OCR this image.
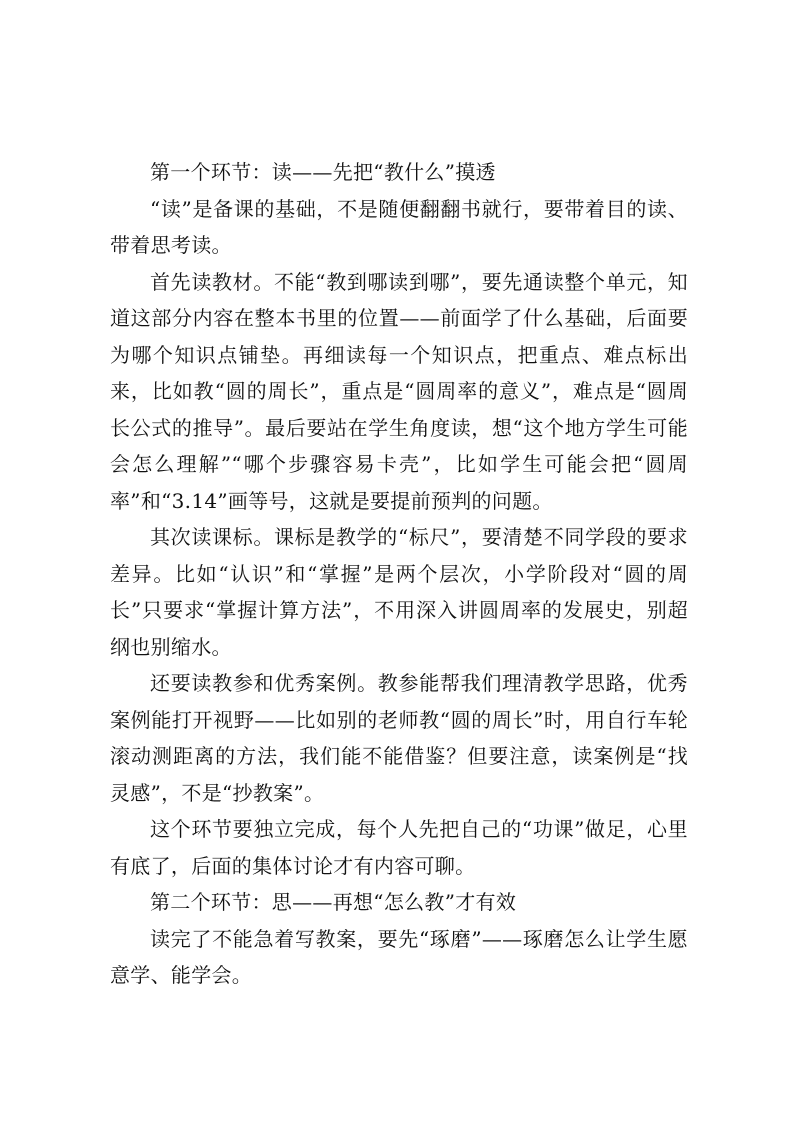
第一个环节：读——先把“教什么”摸透

“读”是备课的基础，不是随便翻翻书就行，要带着目的读、带着思考读。

首先读教材。不能“教到哪读到哪”，要先通读整个单元，知道这部分内容在整本书里的位置——前面学了什么基础，后面要为哪个知识点铺垫。再细读每一个知识点，把重点、难点标出来，比如教“圆的周长”，重点是“圆周率的意义”，难点是“圆周长公式的推导”。最后要站在学生角度读，想“这个地方学生可能会怎么理解”“哪个步骤容易卡壳”，比如学生可能会把“圆周率”和“3.14”画等号，这就是要提前预判的问题。

其次读课标。课标是教学的“标尺”，要清楚不同学段的要求差异。比如“认识”和“掌握”是两个层次，小学阶段对“圆的周长”只要求“掌握计算方法”，不用深入讲圆周率的发展史，别超纲也别缩水。

还要读教参和优秀案例。教参能帮我们理清教学思路，优秀案例能打开视野——比如别的老师教“圆的周长”时，用自行车轮滚动测距离的方法，我们能不能借鉴？但要注意，读案例是“找灵感”，不是“抄教案”。

这个环节要独立完成，每个人先把自己的“功课”做足，心里有底了，后面的集体讨论才有内容可聊。

第二个环节：思——再想“怎么教”才有效

读完了不能急着写教案，要先“琢磨”——琢磨怎么让学生愿意学、能学会。
